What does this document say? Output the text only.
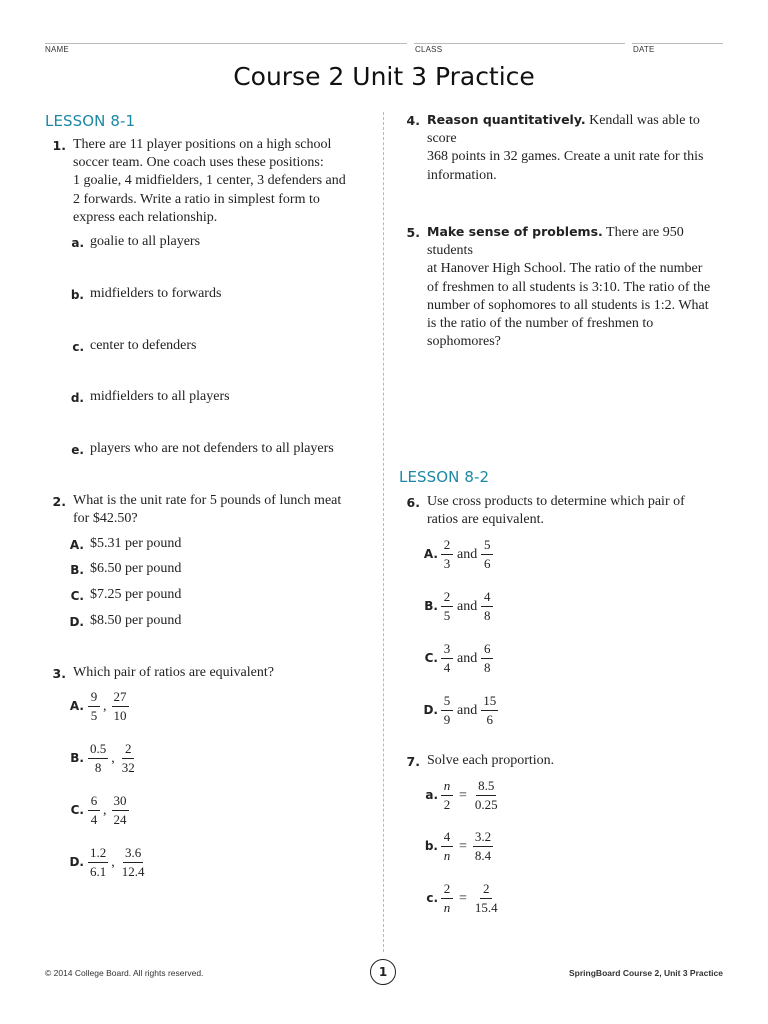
NAME	CLASS	DATE
Course 2 Unit 3 Practice
LESSON 8-1
1. There are 11 player positions on a high school
soccer team. One coach uses these positions:
1 goalie, 4 midfielders, 1 center, 3 defenders and
2 forwards. Write a ratio in simplest form to
express each relationship.
a. goalie to all players
b. midfielders to forwards
c. center to defenders
d. midfielders to all players
e. players who are not defenders to all players
2. What is the unit rate for 5 pounds of lunch meat
for $42.50?
A. $5.31 per pound
B. $6.50 per pound
C. $7.25 per pound
D. $8.50 per pound
3. Which pair of ratios are equivalent?
A. $\frac{9}{5}$ , $\frac{27}{10}$
B. $\frac{0.5}{8}$ , $\frac{2}{32}$
C. $\frac{6}{4}$ , $\frac{30}{24}$
D. $\frac{1.2}{6.1}$ , $\frac{3.6}{12.4}$
4. Reason quantitatively. Kendall was able to score
368 points in 32 games. Create a unit rate for this
information.
5. Make sense of problems. There are 950 students
at Hanover High School. The ratio of the number
of freshmen to all students is 3:10. The ratio of the
number of sophomores to all students is 1:2. What
is the ratio of the number of freshmen to
sophomores?
LESSON 8-2
6. Use cross products to determine which pair of
ratios are equivalent.
A. $\frac{2}{3}$ and $\frac{5}{6}$
B. $\frac{2}{5}$ and $\frac{4}{8}$
C. $\frac{3}{4}$ and $\frac{6}{8}$
D. $\frac{5}{9}$ and $\frac{15}{6}$
7. Solve each proportion.
a. $\frac{n}{2} = \frac{8.5}{0.25}$
b. $\frac{4}{n} = \frac{3.2}{8.4}$
c. $\frac{2}{n} = \frac{2}{15.4}$
© 2014 College Board. All rights reserved.	1	SpringBoard Course 2, Unit 3 Practice
